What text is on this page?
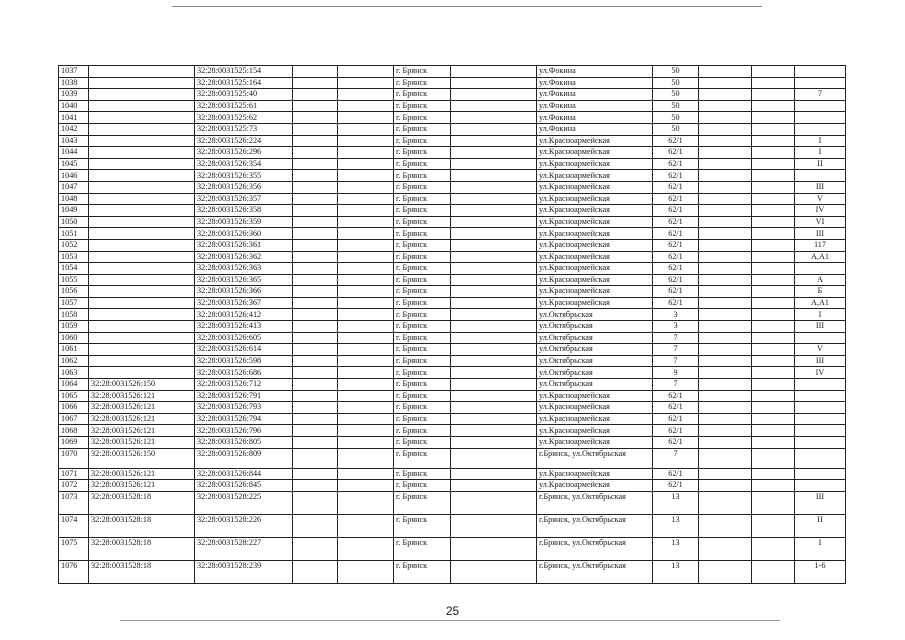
1037		32:28:0031525:154			г. Брянск		ул.Фокина	50			
1038		32:28:0031525:164			г. Брянск		ул.Фокина	50			
1039		32:28:0031525:40			г. Брянск		ул.Фокина	50			7
1040		32:28:0031525:61			г. Брянск		ул.Фокина	50			
1041		32:28:0031525:62			г. Брянск		ул.Фокина	50			
1042		32:28:0031525:73			г. Брянск		ул.Фокина	50			
1043		32:28:0031526:224			г. Брянск		ул.Красноармейская	62/1			I
1044		32:28:0031526:296			г. Брянск		ул.Красноармейская	62/1			I
1045		32:28:0031526:354			г. Брянск		ул.Красноармейская	62/1			II
1046		32:28:0031526:355			г. Брянск		ул.Красноармейская	62/1			
1047		32:28:0031526:356			г. Брянск		ул.Красноармейская	62/1			III
1048		32:28:0031526:357			г. Брянск		ул.Красноармейская	62/1			V
1049		32:28:0031526:358			г. Брянск		ул.Красноармейская	62/1			IV
1050		32:28:0031526:359			г. Брянск		ул.Красноармейская	62/1			VI
1051		32:28:0031526:360			г. Брянск		ул.Красноармейская	62/1			III
1052		32:28:0031526:361			г. Брянск		ул.Красноармейская	62/1			117
1053		32:28:0031526:362			г. Брянск		ул.Красноармейская	62/1			А,А1
1054		32:28:0031526:363			г. Брянск		ул.Красноармейская	62/1			
1055		32:28:0031526:365			г. Брянск		ул.Красноармейская	62/1			А
1056		32:28:0031526:366			г. Брянск		ул.Красноармейская	62/1			Б
1057		32:28:0031526:367			г. Брянск		ул.Красноармейская	62/1			А,А1
1058		32:28:0031526:412			г. Брянск		ул.Октябрьская	3			I
1059		32:28:0031526:413			г. Брянск		ул.Октябрьская	3			III
1060		32:28:0031526:605			г. Брянск		ул.Октябрьская	7			
1061		32:28:0031526:614			г. Брянск		ул.Октябрьская	7			V
1062		32:28:0031526:598			г. Брянск		ул.Октябрьская	7			III
1063		32:28:0031526:686			г. Брянск		ул.Октябрьская	9			IV
1064	32:28:0031526:150	32:28:0031526:712			г. Брянск		ул.Октябрьская	7			
1065	32:28:0031526:121	32:28:0031526:791			г. Брянск		ул.Красноармейская	62/1			
1066	32:28:0031526:121	32:28:0031526:793			г. Брянск		ул.Красноармейская	62/1			
1067	32:28:0031526:121	32:28:0031526:794			г. Брянск		ул.Красноармейская	62/1			
1068	32:28:0031526:121	32:28:0031526:796			г. Брянск		ул.Красноармейская	62/1			
1069	32:28:0031526:121	32:28:0031526:805			г. Брянск		ул.Красноармейская	62/1			
1070	32:28:0031526:150	32:28:0031526:809			г. Брянск		г.Брянск, ул.Октябрьская	7			
1071	32:28:0031526:121	32:28:0031526:844			г. Брянск		ул.Красноармейская	62/1			
1072	32:28:0031526:121	32:28:0031526:845			г. Брянск		ул.Красноармейская	62/1			
1073	32:28:0031528:18	32:28:0031528:225			г. Брянск		г.Брянск, ул.Октябрьская	13			III
1074	32:28:0031528:18	32:28:0031528:226			г. Брянск		г.Брянск, ул.Октябрьская	13			II
1075	32:28:0031528:18	32:28:0031528:227			г. Брянск		г.Брянск, ул.Октябрьская	13			I
1076	32:28:0031528:18	32:28:0031528:239			г. Брянск		г.Брянск, ул.Октябрьская	13			1-6
25
